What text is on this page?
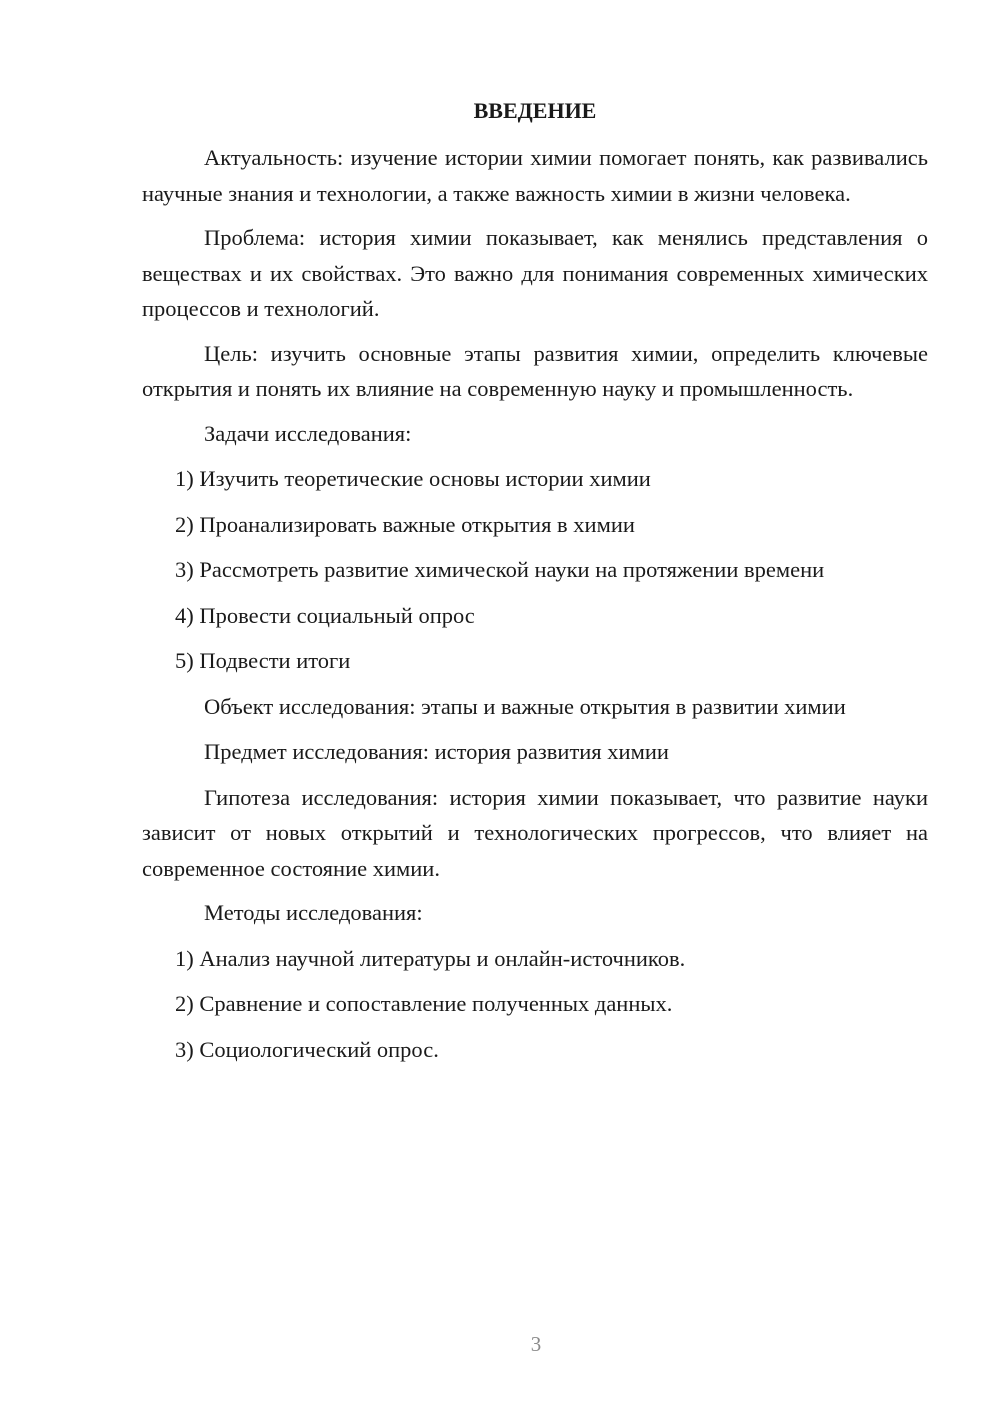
ВВЕДЕНИЕ

Актуальность: изучение истории химии помогает понять, как развивались научные знания и технологии, а также важность химии в жизни человека.

Проблема: история химии показывает, как менялись представления о веществах и их свойствах. Это важно для понимания современных химических процессов и технологий.

Цель: изучить основные этапы развития химии, определить ключевые открытия и понять их влияние на современную науку и промышленность.

Задачи исследования:
1) Изучить теоретические основы истории химии
2) Проанализировать важные открытия в химии
3) Рассмотреть развитие химической науки на протяжении времени
4) Провести социальный опрос
5) Подвести итоги
Объект исследования: этапы и важные открытия в развитии химии
Предмет исследования: история развития химии

Гипотеза исследования: история химии показывает, что развитие науки зависит от новых открытий и технологических прогрессов, что влияет на современное состояние химии.

Методы исследования:
1) Анализ научной литературы и онлайн-источников.
2) Сравнение и сопоставление полученных данных.
3) Социологический опрос.
3
